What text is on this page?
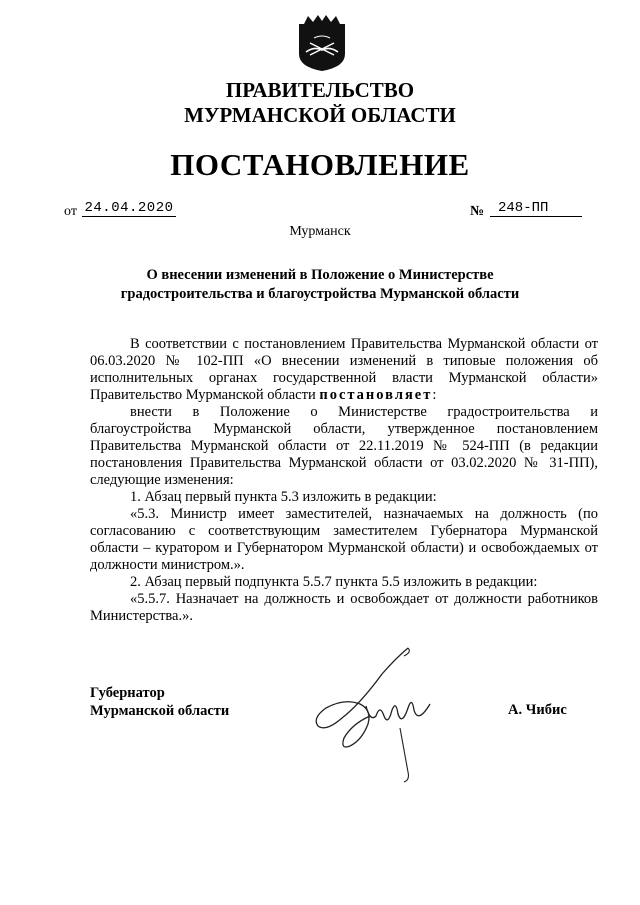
ПРАВИТЕЛЬСТВО
МУРМАНСКОЙ ОБЛАСТИ
ПОСТАНОВЛЕНИЕ
от 24.04.2020	№ 248-ПП
Мурманск
О внесении изменений в Положение о Министерстве
градостроительства и благоустройства Мурманской области

В соответствии с постановлением Правительства Мурманской области от 06.03.2020 № 102-ПП «О внесении изменений в типовые положения об исполнительных органах государственной власти Мурманской области» Правительство Мурманской области постановляет:

внести в Положение о Министерстве градостроительства и благоустройства Мурманской области, утвержденное постановлением Правительства Мурманской области от 22.11.2019 № 524-ПП (в редакции постановления Правительства Мурманской области от 03.02.2020 № 31-ПП), следующие изменения:

1. Абзац первый пункта 5.3 изложить в редакции:

«5.3. Министр имеет заместителей, назначаемых на должность (по согласованию с соответствующим заместителем Губернатора Мурманской области – куратором и Губернатором Мурманской области) и освобождаемых от должности министром.».

2. Абзац первый подпункта 5.5.7 пункта 5.5 изложить в редакции:

«5.5.7. Назначает на должность и освобождает от должности работников Министерства.».

Губернатор
Мурманской области	А. Чибис
